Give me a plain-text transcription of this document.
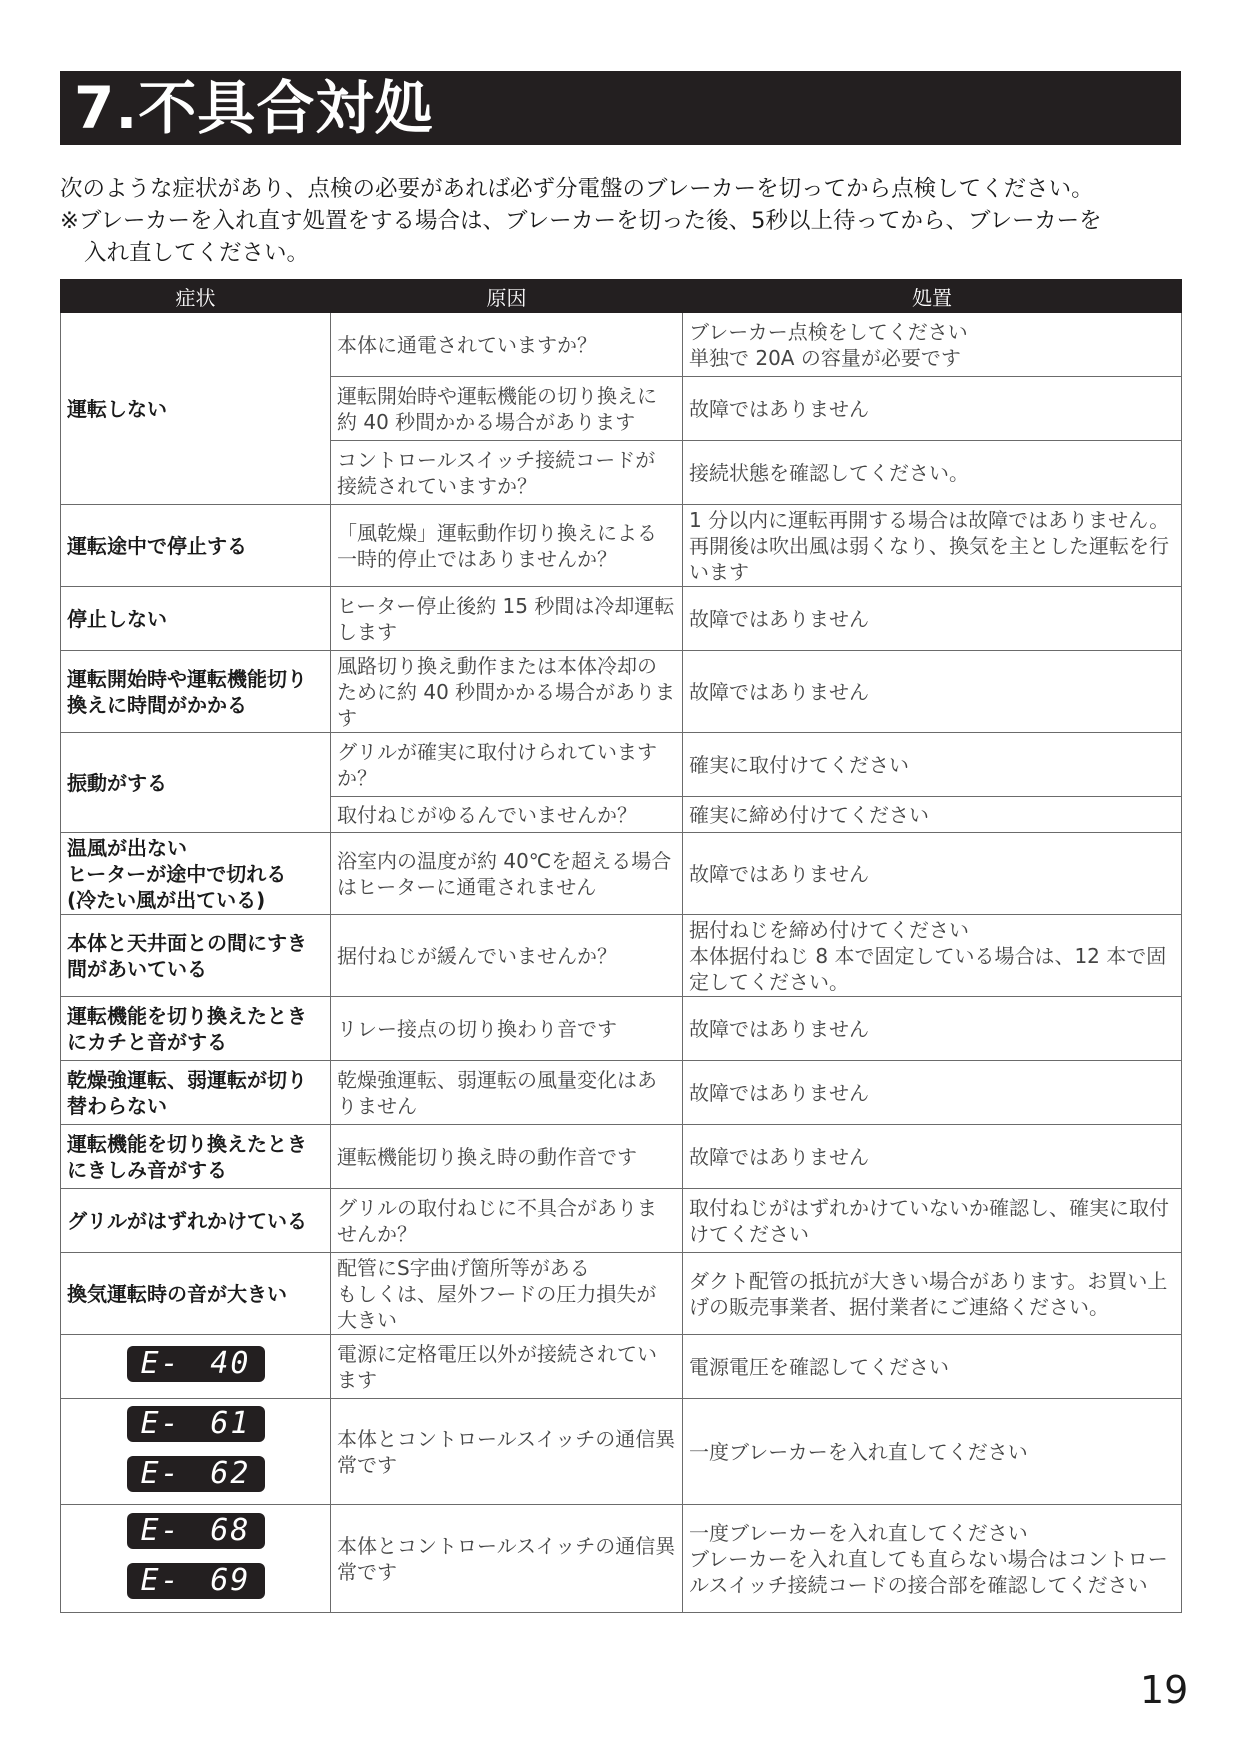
7.不具合対処

次のような症状があり、点検の必要があれば必ず分電盤のブレーカーを切ってから点検してください。

※ブレーカーを入れ直す処置をする場合は、ブレーカーを切った後、5秒以上待ってから、ブレーカーを

入れ直してください。

症状	原因	処置
運転しない	本体に通電されていますか？	ブレーカー点検をしてください
単独で 20A の容量が必要です
	運転開始時や運転機能の切り換えに
約 40 秒間かかる場合があります	故障ではありません
	コントロールスイッチ接続コードが
接続されていますか？	接続状態を確認してください。
運転途中で停止する	「風乾燥」運転動作切り換えによる
一時的停止ではありませんか？	1 分以内に運転再開する場合は故障ではありません。再開後は吹出風は弱くなり、換気を主とした運転を行います
停止しない	ヒーター停止後約 15 秒間は冷却運転します	故障ではありません
運転開始時や運転機能切り換えに時間がかかる	風路切り換え動作または本体冷却のために約 40 秒間かかる場合があります	故障ではありません
振動がする	グリルが確実に取付けられていますか？	確実に取付けてください
	取付ねじがゆるんでいませんか？	確実に締め付けてください
温風が出ない
ヒーターが途中で切れる
(冷たい風が出ている)	浴室内の温度が約 40℃を超える場合はヒーターに通電されません	故障ではありません
本体と天井面との間にすき間があいている	据付ねじが緩んでいませんか？	据付ねじを締め付けてください
本体据付ねじ 8 本で固定している場合は、12 本で固定してください。
運転機能を切り換えたときにカチと音がする	リレー接点の切り換わり音です	故障ではありません
乾燥強運転、弱運転が切り替わらない	乾燥強運転、弱運転の風量変化はありません	故障ではありません
運転機能を切り換えたときにきしみ音がする	運転機能切り換え時の動作音です	故障ではありません
グリルがはずれかけている	グリルの取付ねじに不具合がありませんか？	取付ねじがはずれかけていないか確認し、確実に取付けてください
換気運転時の音が大きい	配管にS字曲げ箇所等がある
もしくは、屋外フードの圧力損失が大きい	ダクト配管の抵抗が大きい場合があります。お買い上げの販売事業者、据付業者にご連絡ください。

E- 40	電源に定格電圧以外が接続されています	電源電圧を確認してください

E- 61

E- 62	本体とコントロールスイッチの通信異常です	一度ブレーカーを入れ直してください

E- 68

E- 69	本体とコントロールスイッチの通信異常です	一度ブレーカーを入れ直してください
ブレーカーを入れ直しても直らない場合はコントロールスイッチ接続コードの接合部を確認してください
19
